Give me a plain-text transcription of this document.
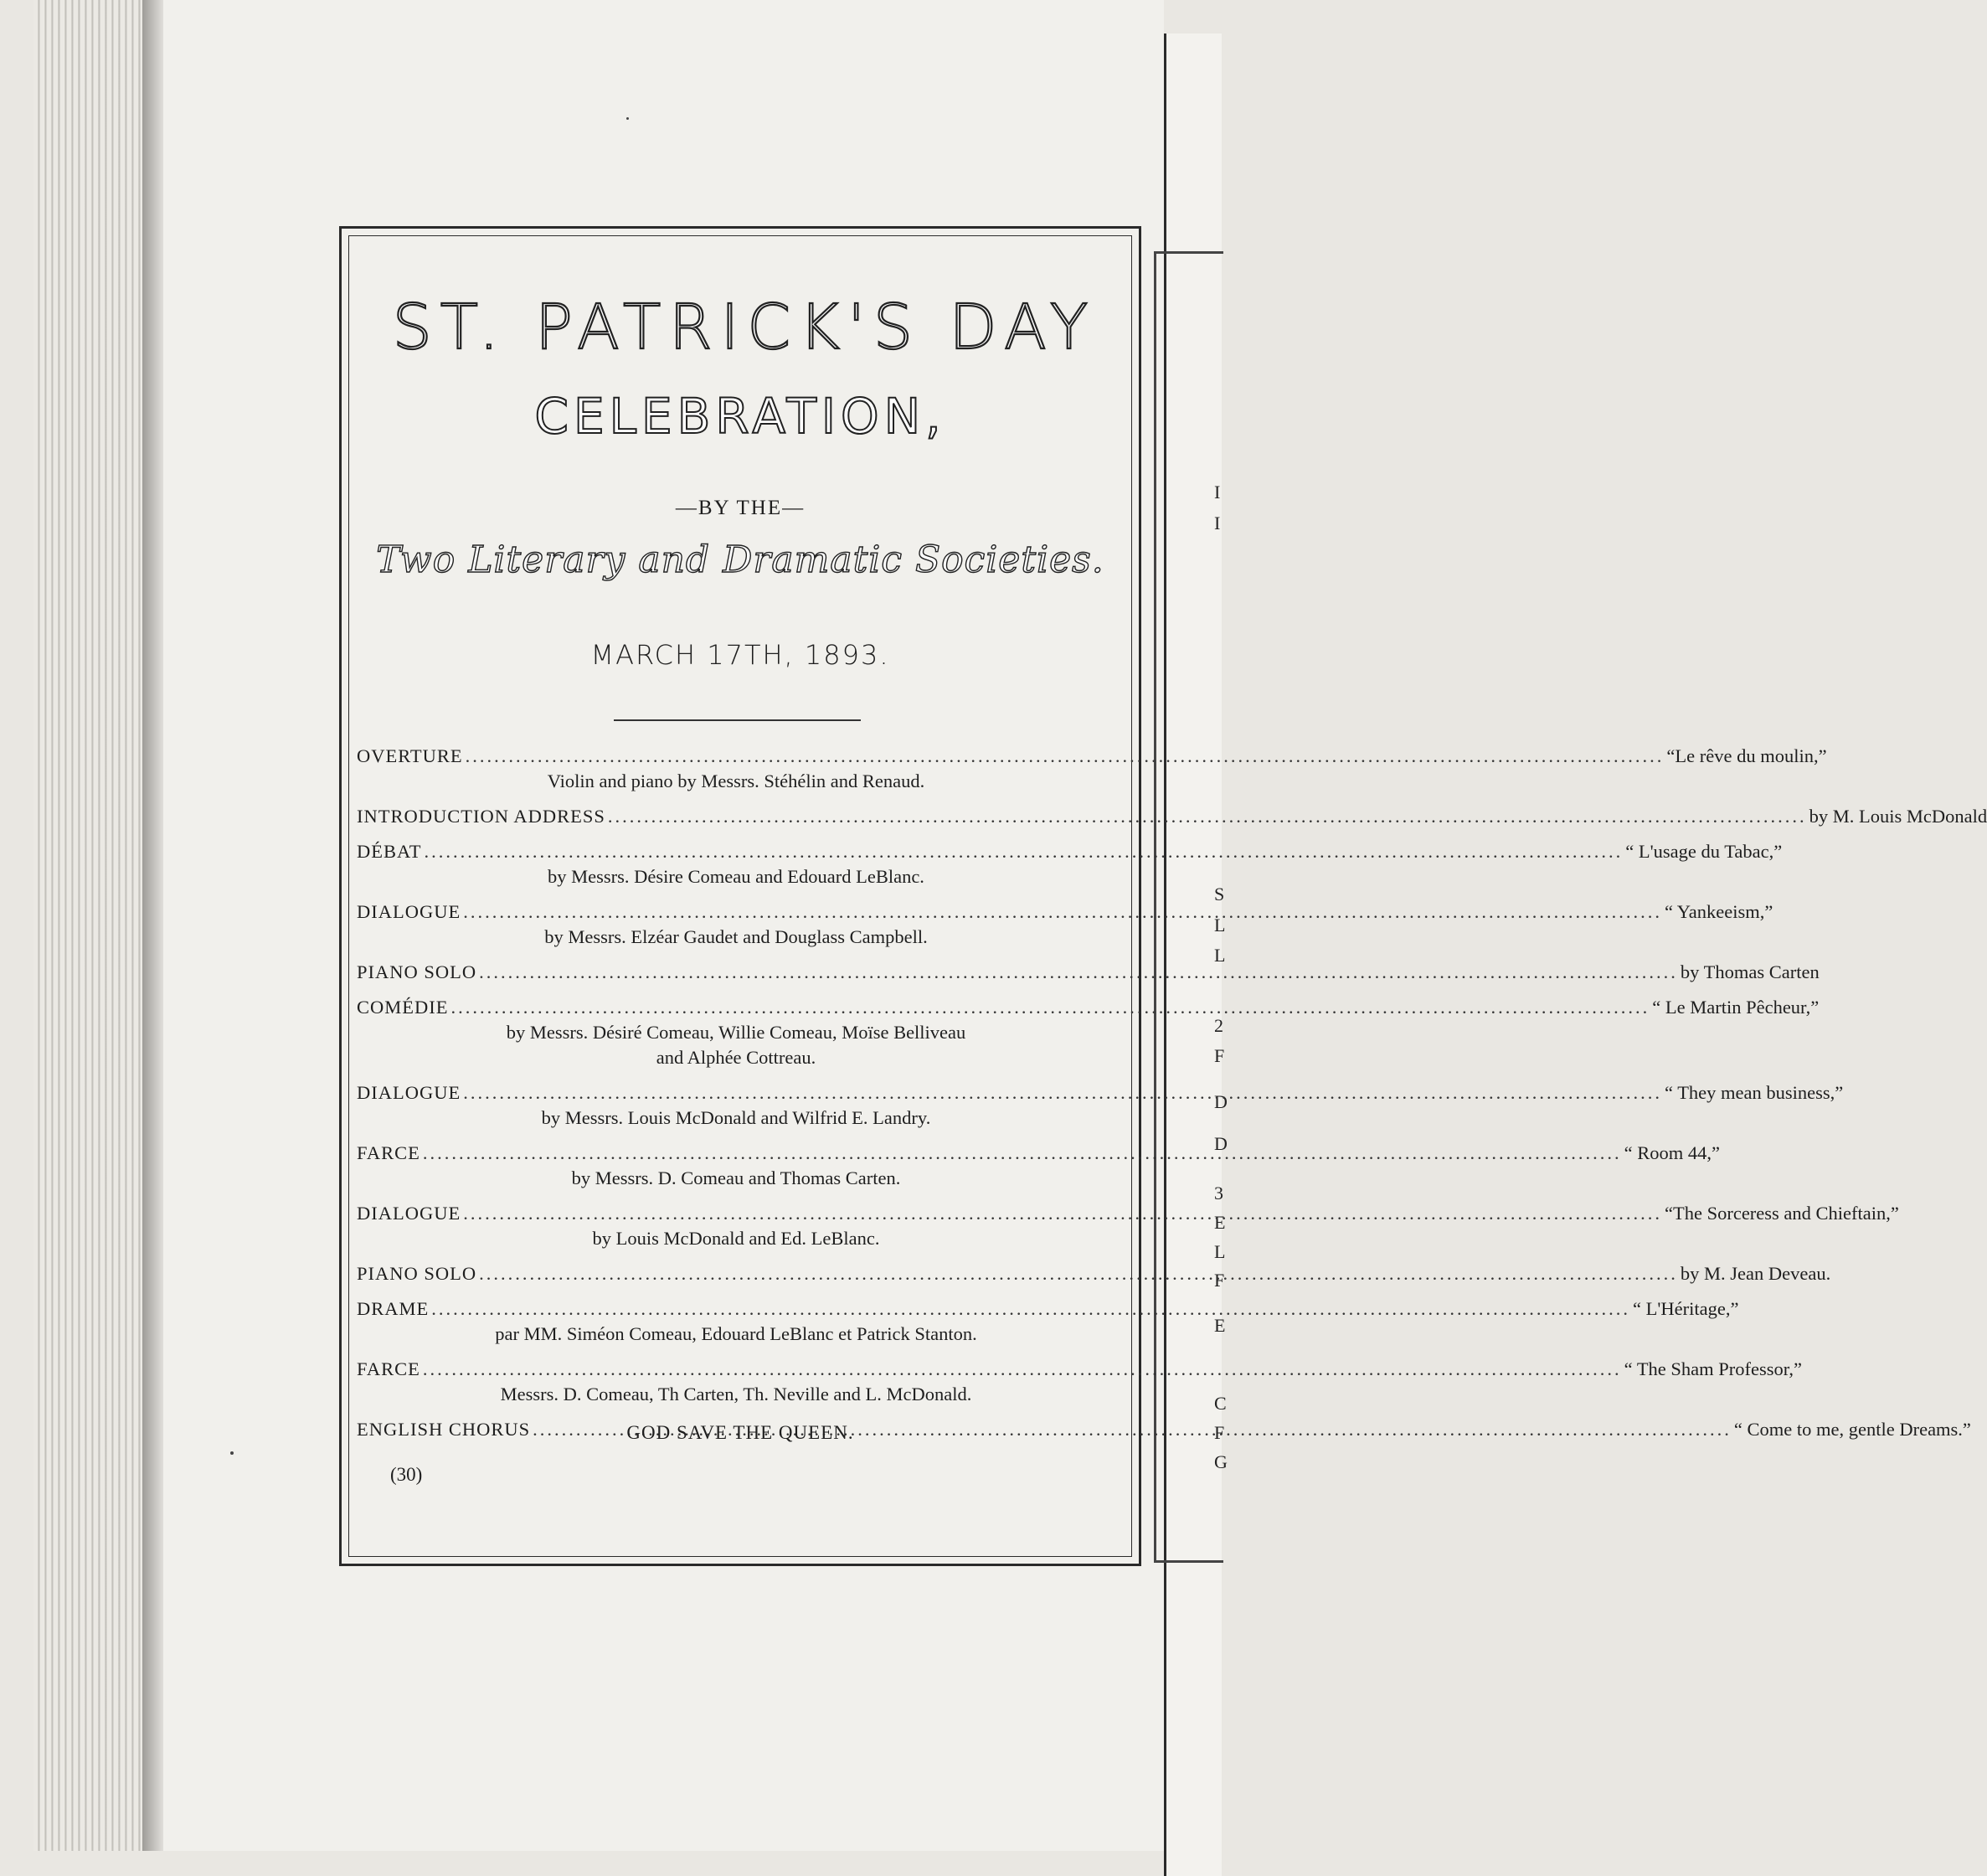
I
I
S
L
L
2
F
D
D
3
E
L
F
E
C
F
G
ST. PATRICK'S DAY
CELEBRATION,
—BY THE—
Two Literary and Dramatic Societies.
MARCH 17TH, 1893.
OVERTURE .....	“Le rêve du moulin,”
Violin and piano by Messrs. Stéhélin and Renaud.
INTRODUCTION ADDRESS .....	by M. Louis McDonald
DÉBAT .....	“ L'usage du Tabac,”
by Messrs. Désire Comeau and Edouard LeBlanc.
DIALOGUE .....	“ Yankeeism,”
by Messrs. Elzéar Gaudet and Douglass Campbell.
PIANO SOLO .....	by Thomas Carten
COMÉDIE .....	“ Le Martin Pêcheur,”
by Messrs. Désiré Comeau, Willie Comeau, Moïse Belliveau
and Alphée Cottreau.
DIALOGUE .....	“ They mean business,”
by Messrs. Louis McDonald and Wilfrid E. Landry.
FARCE .....	“ Room 44,”
by Messrs. D. Comeau and Thomas Carten.
DIALOGUE .....	“The Sorceress and Chieftain,”
by Louis McDonald and Ed. LeBlanc.
PIANO SOLO .....	by M. Jean Deveau.
DRAME .....	“ L'Héritage,”
par MM. Siméon Comeau, Edouard LeBlanc et Patrick Stanton.
FARCE .....	“ The Sham Professor,”
Messrs. D. Comeau, Th Carten, Th. Neville and L. McDonald.
ENGLISH CHORUS .....	“ Come to me, gentle Dreams.”
GOD SAVE THE QUEEN.
(30)
